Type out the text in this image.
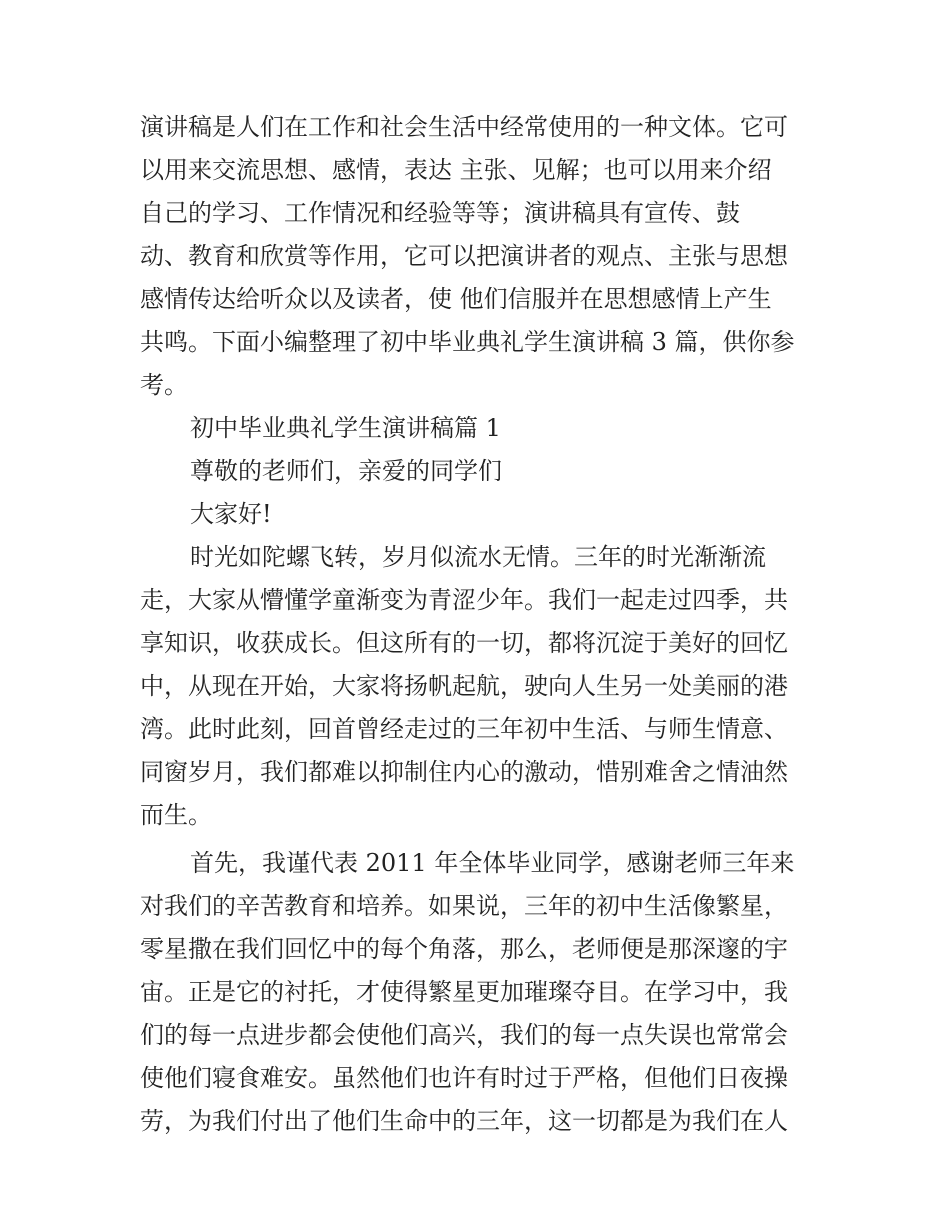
演讲稿是人们在工作和社会生活中经常使用的一种文体。它可
以用来交流思想、感情，表达 主张、见解；也可以用来介绍
自己的学习、工作情况和经验等等；演讲稿具有宣传、鼓
动、教育和欣赏等作用，它可以把演讲者的观点、主张与思想
感情传达给听众以及读者，使 他们信服并在思想感情上产生
共鸣。下面小编整理了初中毕业典礼学生演讲稿 3 篇，供你参
考。
初中毕业典礼学生演讲稿篇 1
尊敬的老师们，亲爱的同学们
大家好!
时光如陀螺飞转，岁月似流水无情。三年的时光渐渐流
走，大家从懵懂学童渐变为青涩少年。我们一起走过四季，共
享知识，收获成长。但这所有的一切，都将沉淀于美好的回忆
中，从现在开始，大家将扬帆起航，驶向人生另一处美丽的港
湾。此时此刻，回首曾经走过的三年初中生活、与师生情意、
同窗岁月，我们都难以抑制住内心的激动，惜别难舍之情油然
而生。
首先，我谨代表 2011 年全体毕业同学，感谢老师三年来
对我们的辛苦教育和培养。如果说，三年的初中生活像繁星，
零星撒在我们回忆中的每个角落，那么，老师便是那深邃的宇
宙。正是它的衬托，才使得繁星更加璀璨夺目。在学习中，我
们的每一点进步都会使他们高兴，我们的每一点失误也常常会
使他们寝食难安。虽然他们也许有时过于严格，但他们日夜操
劳，为我们付出了他们生命中的三年，这一切都是为我们在人
